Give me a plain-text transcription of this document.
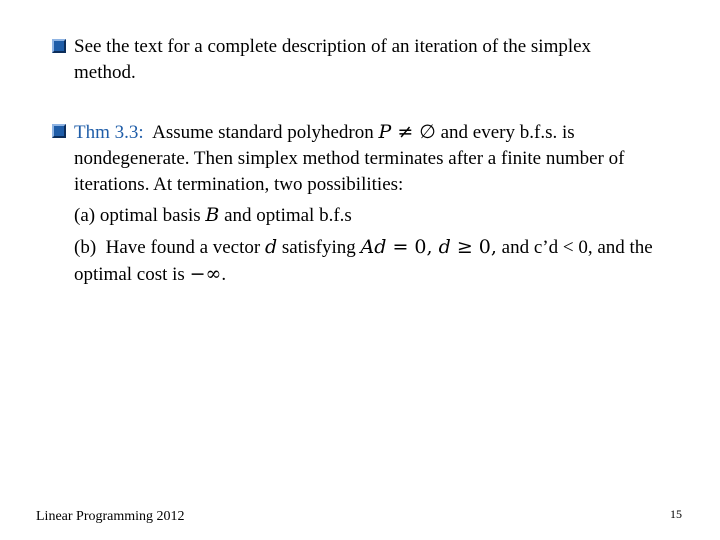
See the text for a complete description of an iteration of the simplex
method.
Thm 3.3:  Assume standard polyhedron P ≠ ∅ and every b.f.s. is
nondegenerate. Then simplex method terminates after a finite number of
iterations. At termination, two possibilities:
(a) optimal basis B and optimal b.f.s
(b)  Have found a vector d satisfying Ad = 0, d ≥ 0, and c’d < 0, and the
optimal cost is −∞.
Linear Programming 2012	15
